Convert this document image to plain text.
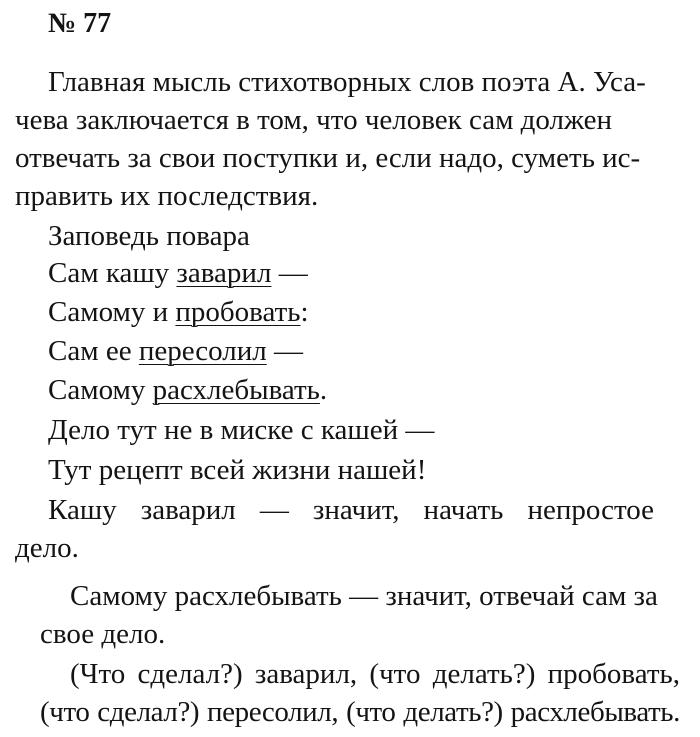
№ 77
Главная мысль стихотворных слов поэта А. Уса-
чева заключается в том, что человек сам должен
отвечать за свои поступки и, если надо, суметь ис-
править их последствия.
Заповедь повара
Сам кашу заварил —
Самому и пробовать:
Сам ее пересолил —
Самому расхлебывать.
Дело тут не в миске с кашей —
Тут рецепт всей жизни нашей!
Кашу заварил — значит, начать непростое
дело.
Самому расхлебывать — значит, отвечай сам за
свое дело.
(Что сделал?) заварил, (что делать?) пробовать,
(что сделал?) пересолил, (что делать?) расхлебывать.
